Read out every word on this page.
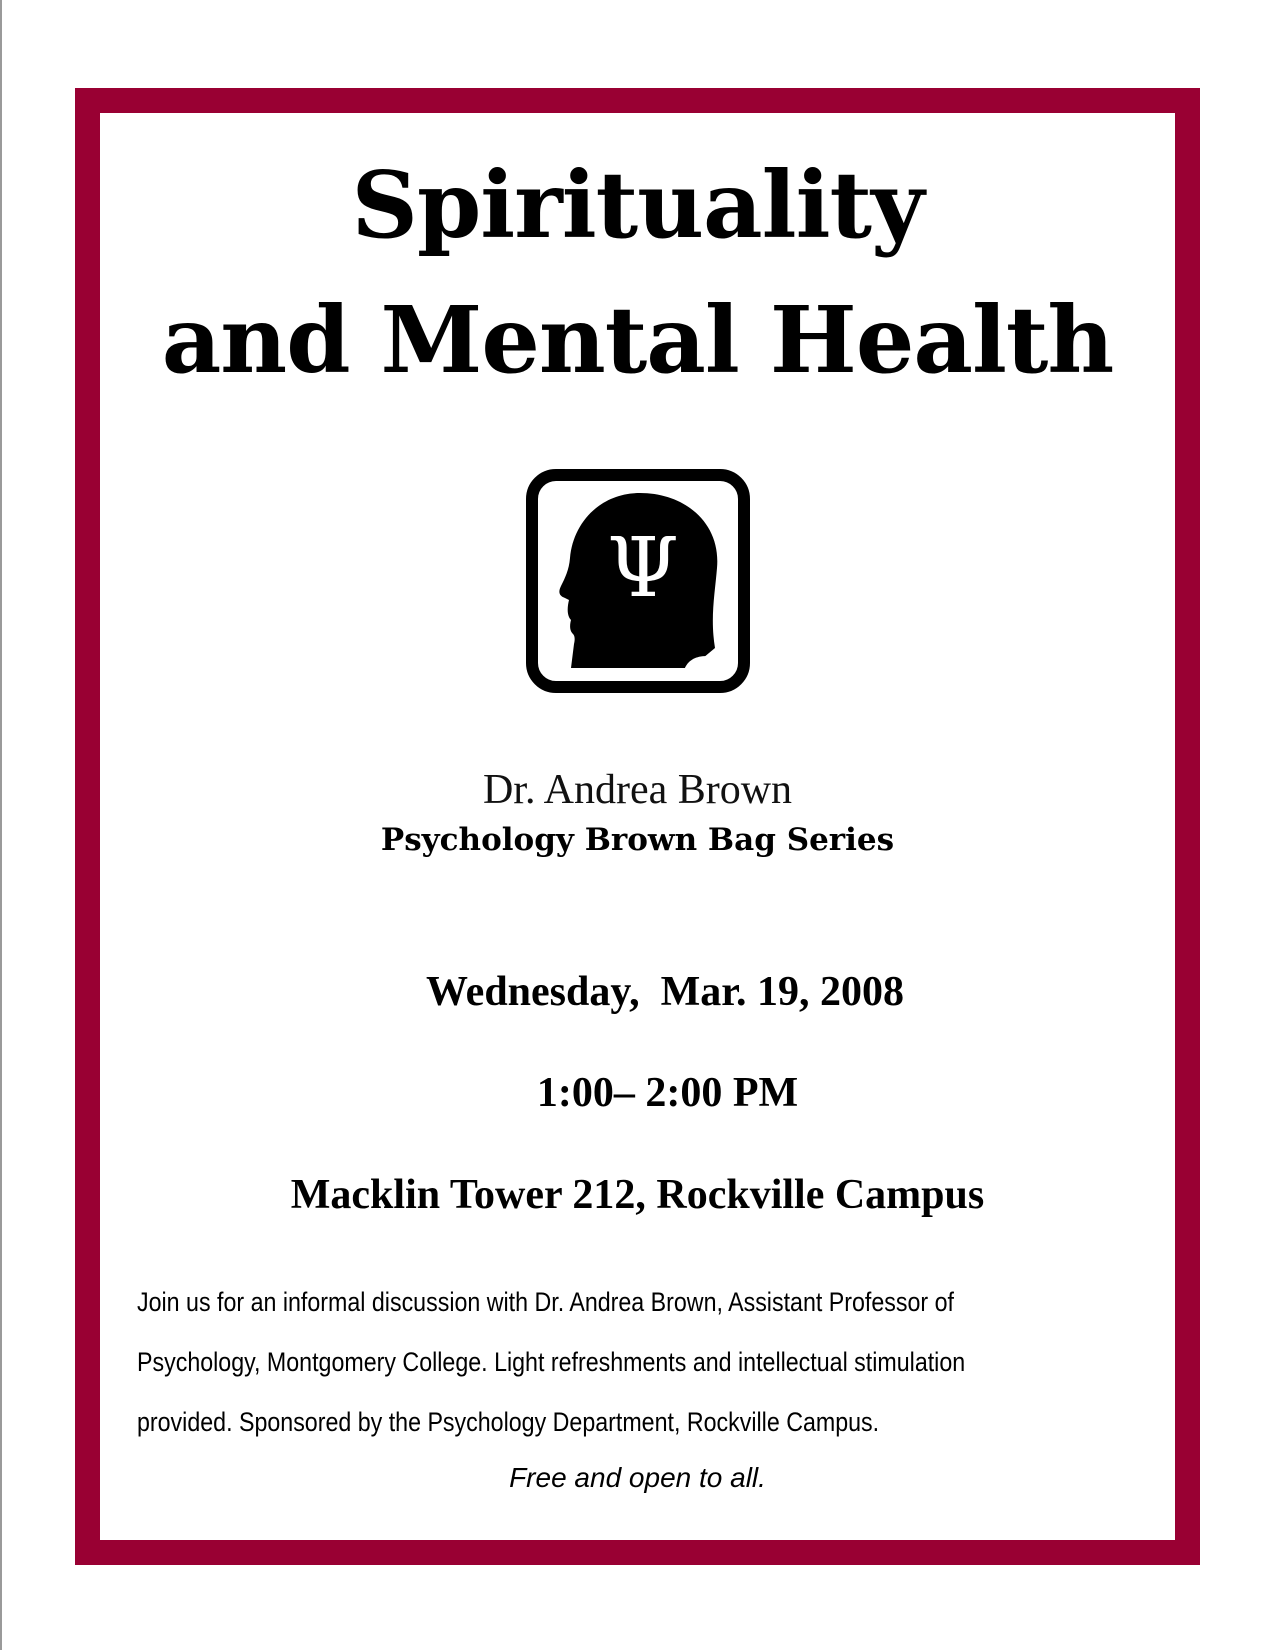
Spirituality
and Mental Health
Ψ
Dr. Andrea Brown
Psychology Brown Bag Series
Wednesday,  Mar. 19, 2008
1:00– 2:00 PM
Macklin Tower 212, Rockville Campus
Join us for an informal discussion with Dr. Andrea Brown, Assistant Professor of
Psychology, Montgomery College. Light refreshments and intellectual stimulation
provided. Sponsored by the Psychology Department, Rockville Campus.
Free and open to all.
